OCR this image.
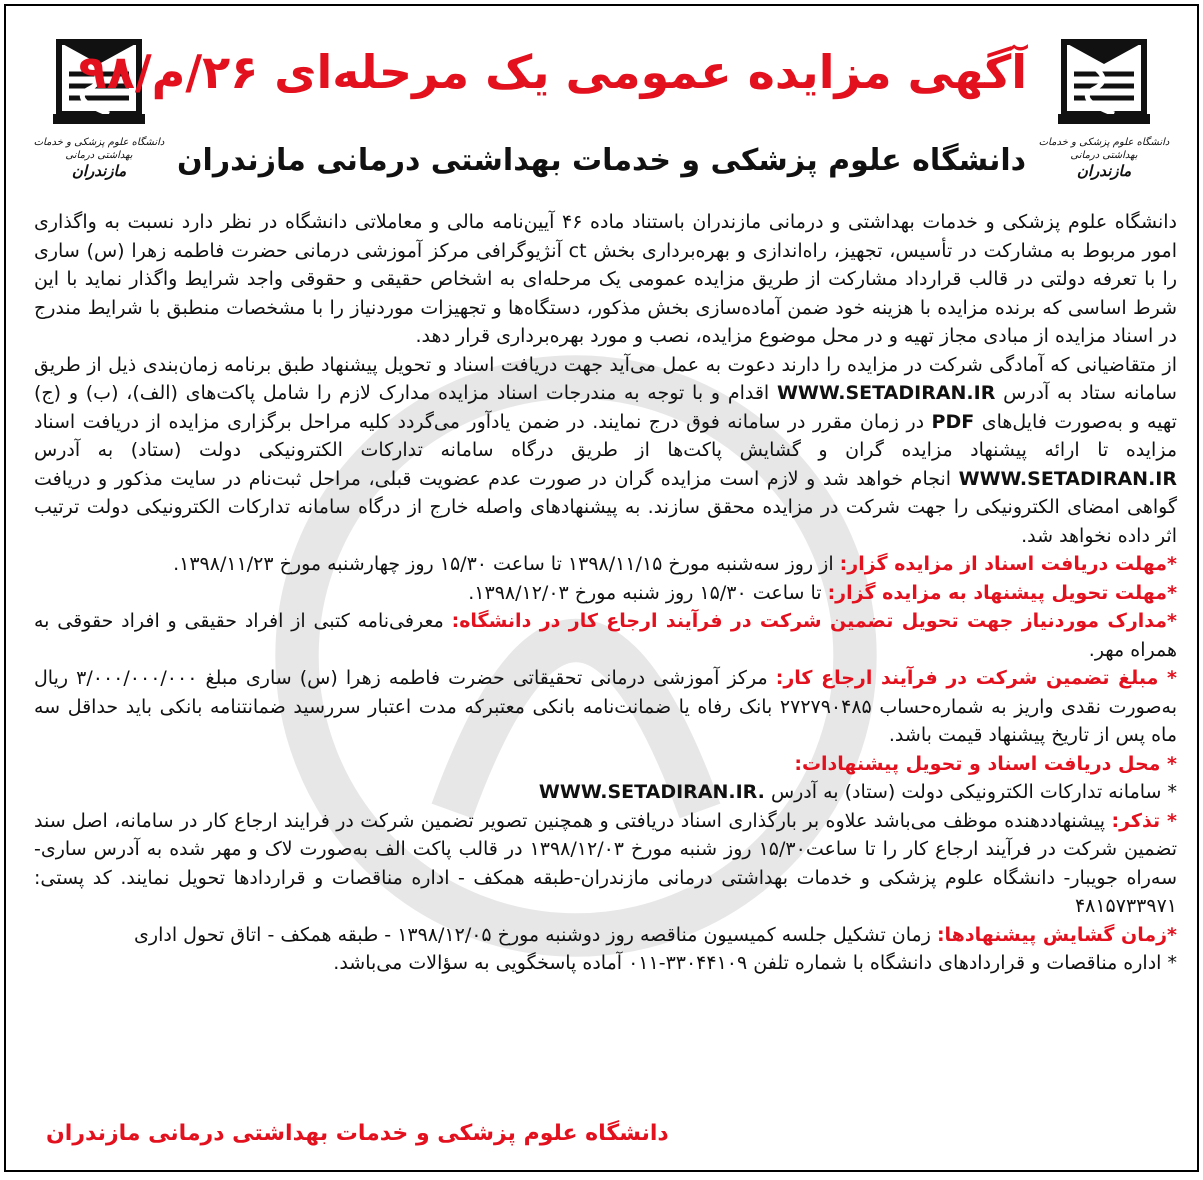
دانشگاه علوم پزشکی و خدمات بهداشتی درمانی
مازندران
دانشگاه علوم پزشکی و خدمات بهداشتی درمانی
مازندران
آگهی مزایده عمومی یک مرحله‌ای ۲۶/م/۹۸
دانشگاه علوم پزشکی و خدمات بهداشتی درمانی مازندران

دانشگاه علوم پزشکی و خدمات بهداشتی و درمانی مازندران باستناد ماده ۴۶ آیین‌نامه مالی و معاملاتی دانشگاه در نظر دارد نسبت به واگذاری امور مربوط به مشارکت در تأسیس، تجهیز، راه‌اندازی و بهره‌برداری بخش ct آنژیوگرافی مرکز آموزشی درمانی حضرت فاطمه زهرا (س) ساری را با تعرفه دولتی در قالب قرارداد مشارکت از طریق مزایده عمومی یک مرحله‌ای به اشخاص حقیقی و حقوقی واجد شرایط واگذار نماید با این شرط اساسی که برنده مزایده با هزینه خود ضمن آماده‌سازی بخش مذکور، دستگاه‌ها و تجهیزات موردنیاز را با مشخصات منطبق با شرایط مندرج در اسناد مزایده از مبادی مجاز تهیه و در محل موضوع مزایده، نصب و مورد بهره‌برداری قرار دهد.

از متقاضیانی که آمادگی شرکت در مزایده را دارند دعوت به عمل می‌آید جهت دریافت اسناد و تحویل پیشنهاد طبق برنامه زمان‌بندی ذیل از طریق سامانه ستاد به آدرس WWW.SETADIRAN.IR اقدام و با توجه به مندرجات اسناد مزایده مدارک لازم را شامل پاکت‌های (الف)، (ب) و (ج) تهیه و به‌صورت فایل‌های PDF در زمان مقرر در سامانه فوق درج نمایند. در ضمن یادآور می‌گردد کلیه مراحل برگزاری مزایده از دریافت اسناد مزایده تا ارائه پیشنهاد مزایده گران و گشایش پاکت‌ها از طریق درگاه سامانه تدارکات الکترونیکی دولت (ستاد) به آدرس WWW.SETADIRAN.IR انجام خواهد شد و لازم است مزایده گران در صورت عدم عضویت قبلی، مراحل ثبت‌نام در سایت مذکور و دریافت گواهی امضای الکترونیکی را جهت شرکت در مزایده محقق سازند. به پیشنهادهای واصله خارج از درگاه سامانه تدارکات الکترونیکی دولت ترتیب اثر داده نخواهد شد.

*مهلت دریافت اسناد از مزایده گزار: از روز سه‌شنبه مورخ ۱۳۹۸/۱۱/۱۵ تا ساعت ۱۵/۳۰ روز چهارشنبه مورخ ۱۳۹۸/۱۱/۲۳.

*مهلت تحویل پیشنهاد به مزایده گزار: تا ساعت ۱۵/۳۰ روز شنبه مورخ ۱۳۹۸/۱۲/۰۳.

*مدارک موردنیاز جهت تحویل تضمین شرکت در فرآیند ارجاع کار در دانشگاه: معرفی‌نامه کتبی از افراد حقیقی و افراد حقوقی به همراه مهر.

* مبلغ تضمین شرکت در فرآیند ارجاع کار: مرکز آموزشی درمانی تحقیقاتی حضرت فاطمه زهرا (س) ساری مبلغ ۳/۰۰۰/۰۰۰/۰۰۰ ریال به‌صورت نقدی واریز به شماره‌حساب ۲۷۲۷۹۰۴۸۵ بانک رفاه یا ضمانت‌نامه بانکی معتبرکه مدت اعتبار سررسید ضمانتنامه بانکی باید حداقل سه ماه پس از تاریخ پیشنهاد قیمت باشد.

* محل دریافت اسناد و تحویل پیشنهادات:

* سامانه تدارکات الکترونیکی دولت (ستاد) به آدرس WWW.SETADIRAN.IR.

* تذکر: پیشنهاددهنده موظف می‌باشد علاوه بر بارگذاری اسناد دریافتی و همچنین تصویر تضمین شرکت در فرایند ارجاع کار در سامانه، اصل سند تضمین شرکت در فرآیند ارجاع کار را تا ساعت۱۵/۳۰ روز شنبه مورخ ۱۳۹۸/۱۲/۰۳ در قالب پاکت الف به‌صورت لاک و مهر شده به آدرس ساری- سه‌راه جویبار- دانشگاه علوم پزشکی و خدمات بهداشتی درمانی مازندران-طبقه همکف - اداره مناقصات و قراردادها تحویل نمایند. کد پستی: ۴۸۱۵۷۳۳۹۷۱

*زمان گشایش پیشنهادها: زمان تشکیل جلسه کمیسیون مناقصه روز دوشنبه مورخ ۱۳۹۸/۱۲/۰۵ - طبقه همکف - اتاق تحول اداری

* اداره مناقصات و قراردادهای دانشگاه با شماره تلفن ۳۳۰۴۴۱۰۹-۰۱۱ آماده پاسخگویی به سؤالات می‌باشد.

دانشگاه علوم پزشکی و خدمات بهداشتی درمانی مازندران
